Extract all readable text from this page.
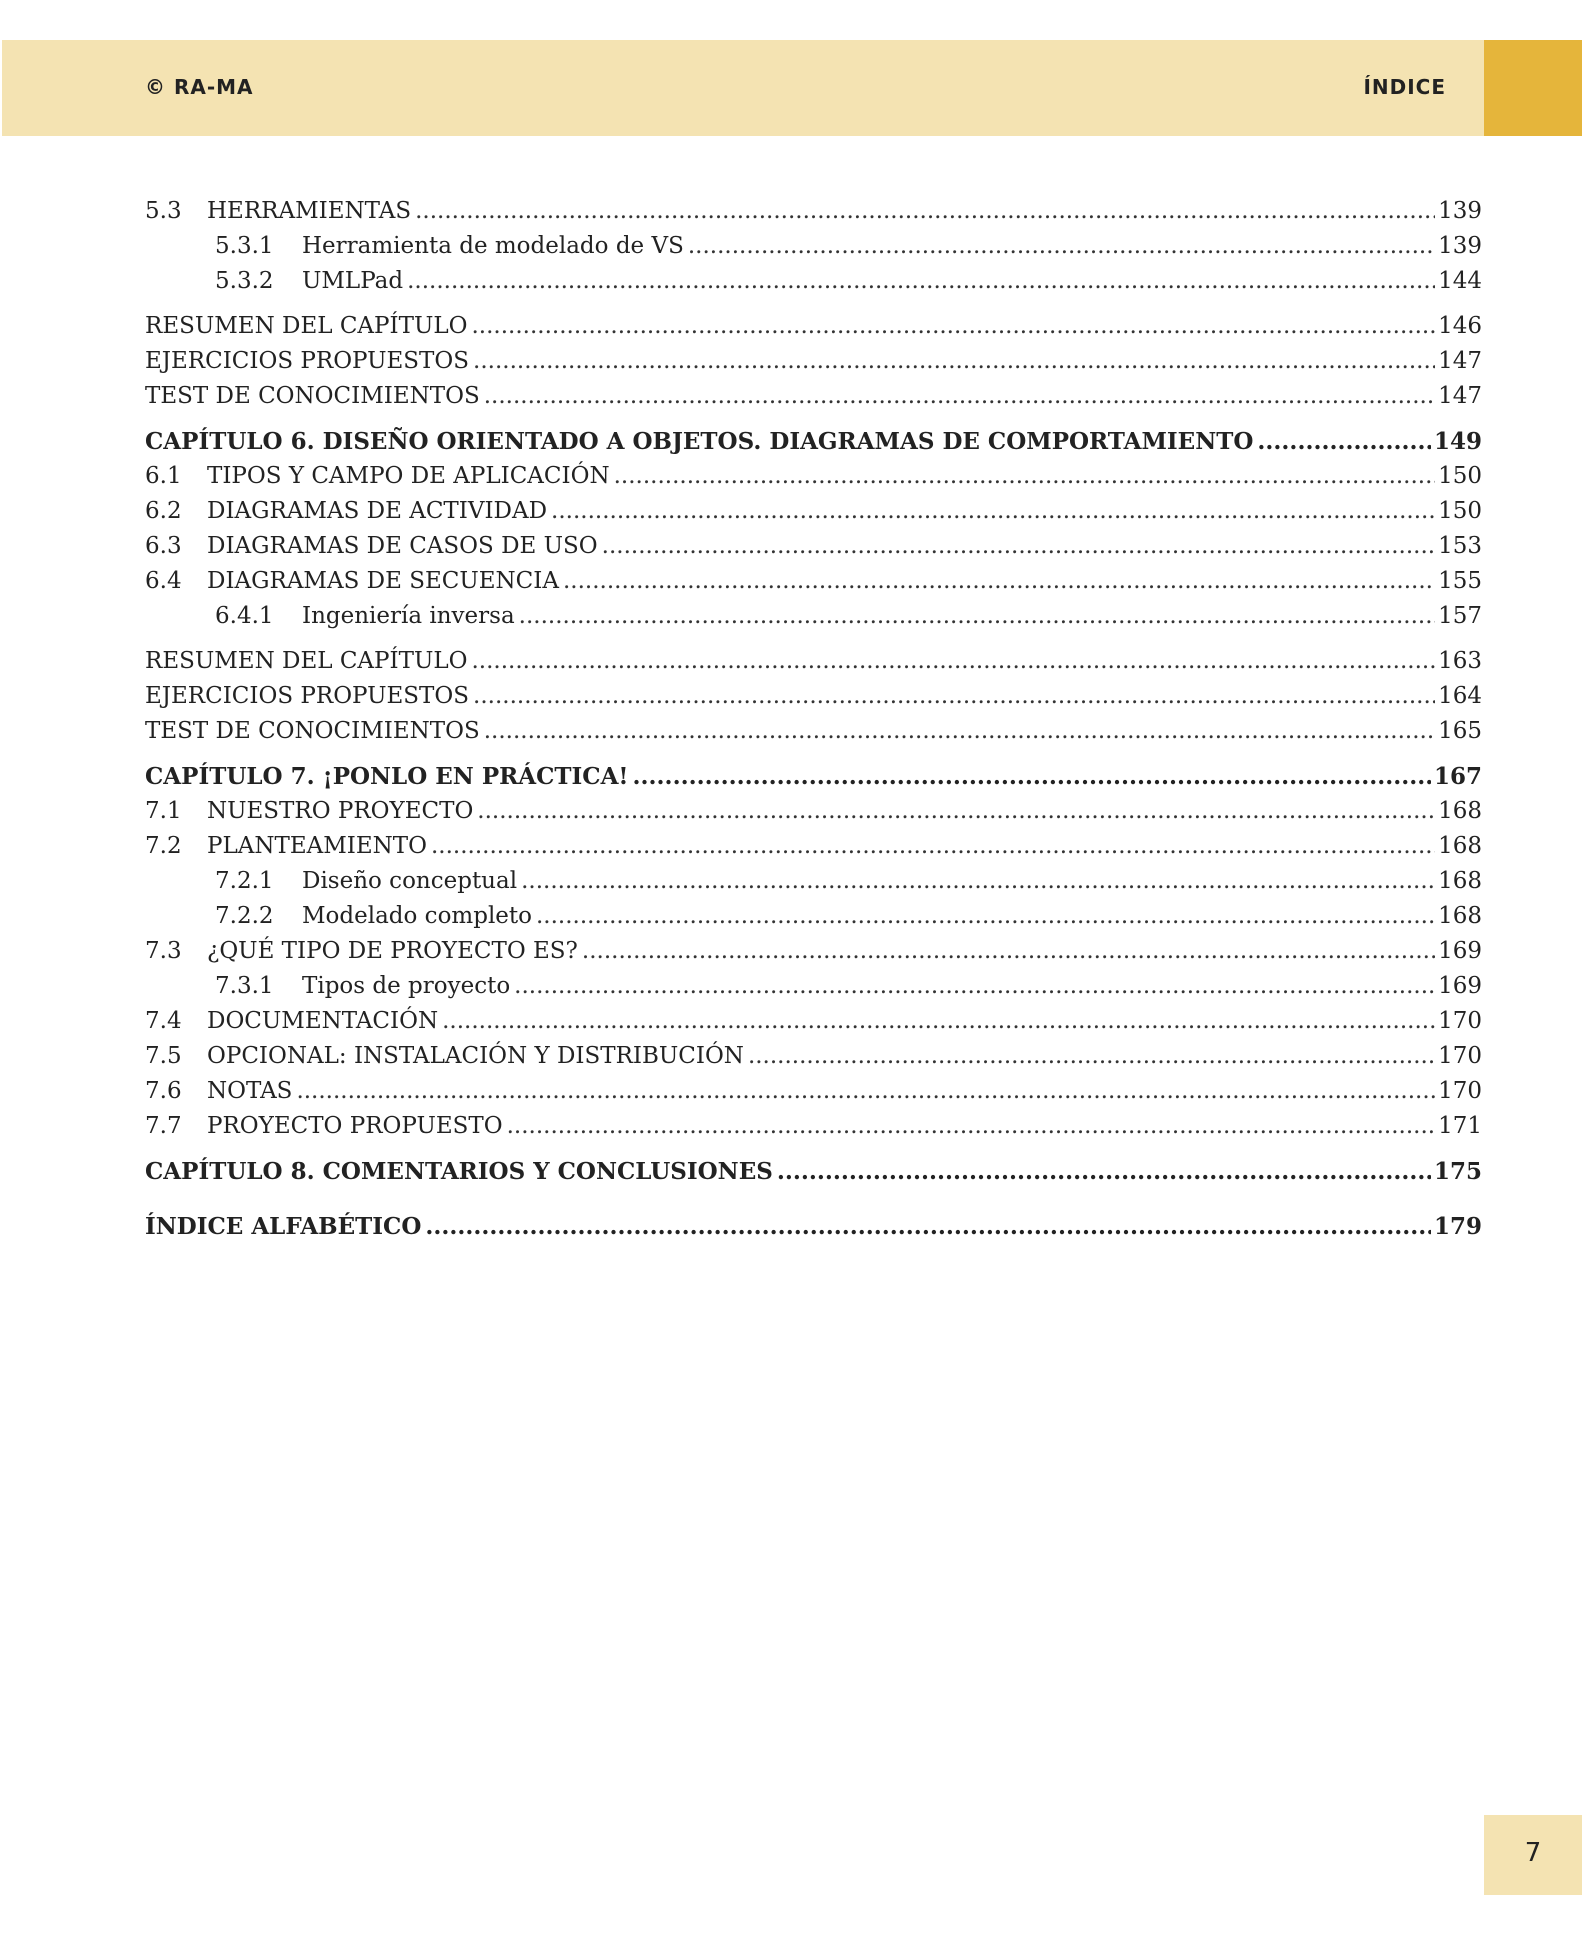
© RA-MA	ÍNDICE
5.3	HERRAMIENTAS .....	139
5.3.1	Herramienta de modelado de VS .....	139
5.3.2	UMLPad .....	144
RESUMEN DEL CAPÍTULO .....	146
EJERCICIOS PROPUESTOS .....	147
TEST DE CONOCIMIENTOS .....	147
CAPÍTULO 6. DISEÑO ORIENTADO A OBJETOS. DIAGRAMAS DE COMPORTAMIENTO .....	149
6.1	TIPOS Y CAMPO DE APLICACIÓN .....	150
6.2	DIAGRAMAS DE ACTIVIDAD .....	150
6.3	DIAGRAMAS DE CASOS DE USO .....	153
6.4	DIAGRAMAS DE SECUENCIA .....	155
6.4.1	Ingeniería inversa .....	157
RESUMEN DEL CAPÍTULO .....	163
EJERCICIOS PROPUESTOS .....	164
TEST DE CONOCIMIENTOS .....	165
CAPÍTULO 7. ¡PONLO EN PRÁCTICA! .....	167
7.1	NUESTRO PROYECTO .....	168
7.2	PLANTEAMIENTO .....	168
7.2.1	Diseño conceptual .....	168
7.2.2	Modelado completo .....	168
7.3	¿QUÉ TIPO DE PROYECTO ES? .....	169
7.3.1	Tipos de proyecto .....	169
7.4	DOCUMENTACIÓN .....	170
7.5	OPCIONAL: INSTALACIÓN Y DISTRIBUCIÓN .....	170
7.6	NOTAS .....	170
7.7	PROYECTO PROPUESTO .....	171
CAPÍTULO 8. COMENTARIOS Y CONCLUSIONES .....	175
ÍNDICE ALFABÉTICO .....	179
7
